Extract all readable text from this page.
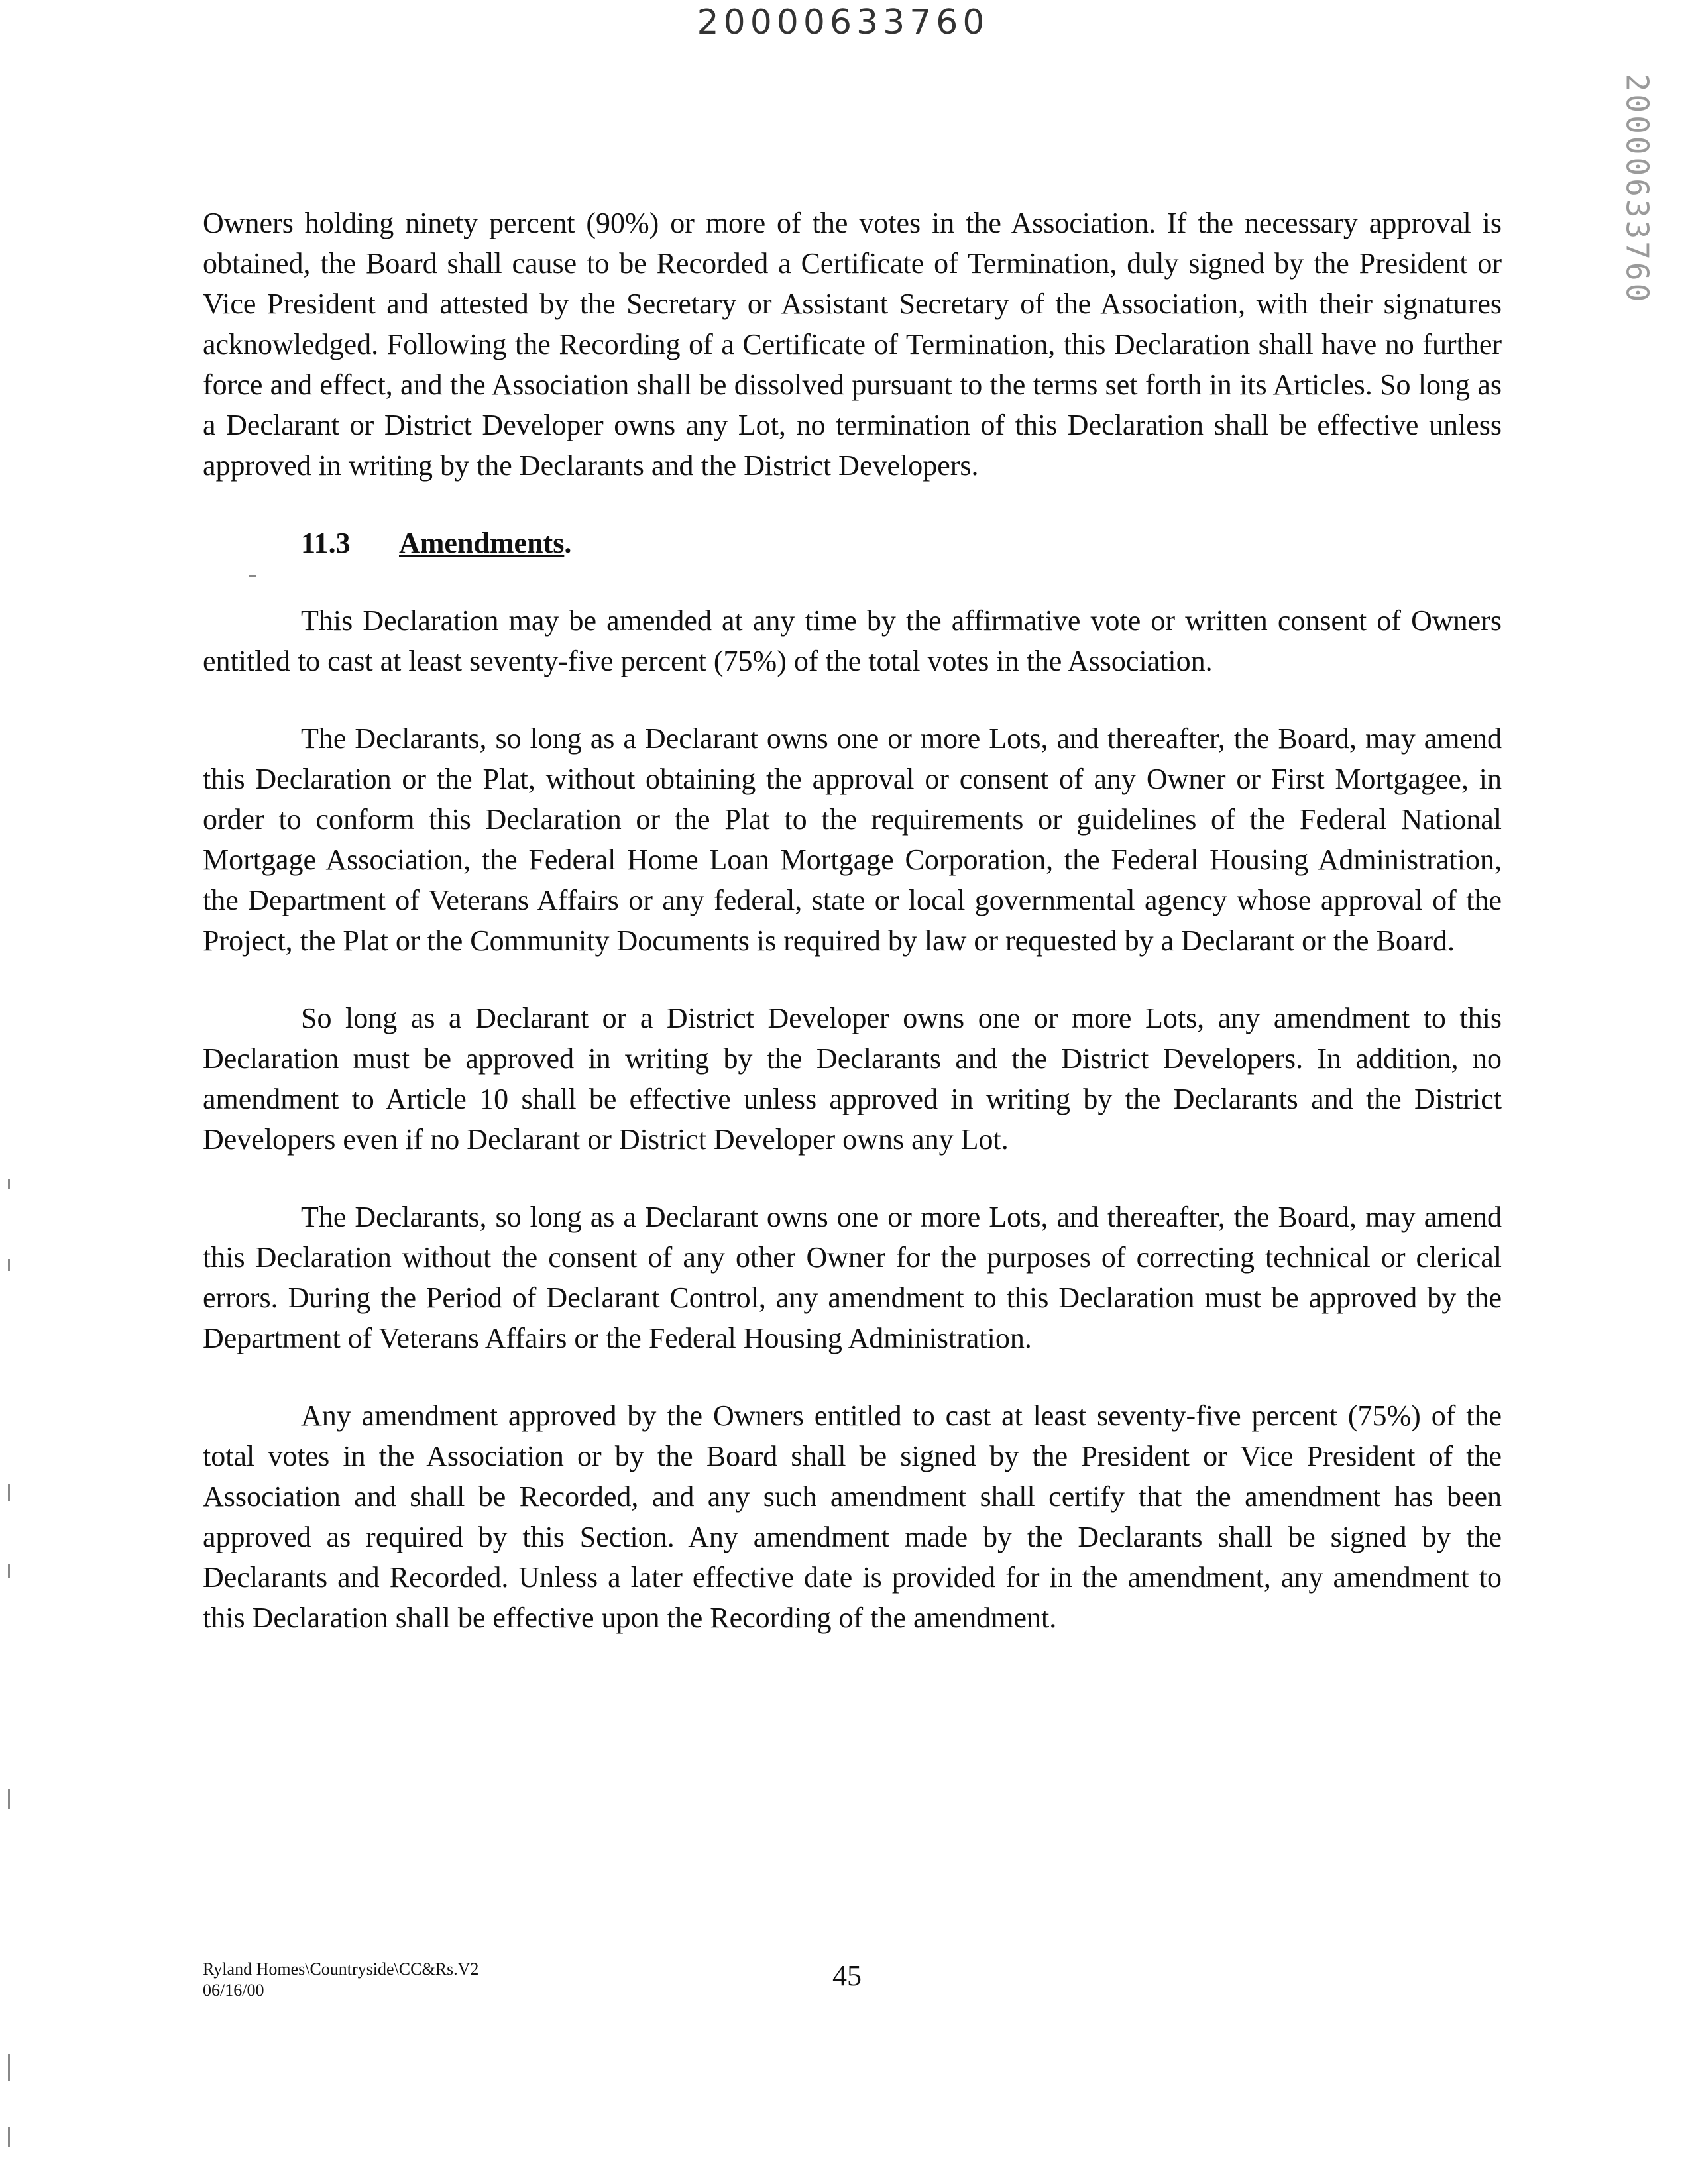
20000633760
20000633760

Owners holding ninety percent (90%) or more of the votes in the Association. If the necessary approval is obtained, the Board shall cause to be Recorded a Certificate of Termination, duly signed by the President or Vice President and attested by the Secretary or Assistant Secretary of the Association, with their signatures acknowledged. Following the Recording of a Certificate of Termination, this Declaration shall have no further force and effect, and the Association shall be dissolved pursuant to the terms set forth in its Articles. So long as a Declarant or District Developer owns any Lot, no termination of this Declaration shall be effective unless approved in writing by the Declarants and the District Developers.

11.3 Amendments.

This Declaration may be amended at any time by the affirmative vote or written consent of Owners entitled to cast at least seventy-five percent (75%) of the total votes in the Association.

The Declarants, so long as a Declarant owns one or more Lots, and thereafter, the Board, may amend this Declaration or the Plat, without obtaining the approval or consent of any Owner or First Mortgagee, in order to conform this Declaration or the Plat to the requirements or guidelines of the Federal National Mortgage Association, the Federal Home Loan Mortgage Corporation, the Federal Housing Administration, the Department of Veterans Affairs or any federal, state or local governmental agency whose approval of the Project, the Plat or the Community Documents is required by law or requested by a Declarant or the Board.

So long as a Declarant or a District Developer owns one or more Lots, any amendment to this Declaration must be approved in writing by the Declarants and the District Developers. In addition, no amendment to Article 10 shall be effective unless approved in writing by the Declarants and the District Developers even if no Declarant or District Developer owns any Lot.

The Declarants, so long as a Declarant owns one or more Lots, and thereafter, the Board, may amend this Declaration without the consent of any other Owner for the purposes of correcting technical or clerical errors. During the Period of Declarant Control, any amendment to this Declaration must be approved by the Department of Veterans Affairs or the Federal Housing Administration.

Any amendment approved by the Owners entitled to cast at least seventy-five percent (75%) of the total votes in the Association or by the Board shall be signed by the President or Vice President of the Association and shall be Recorded, and any such amendment shall certify that the amendment has been approved as required by this Section. Any amendment made by the Declarants shall be signed by the Declarants and Recorded. Unless a later effective date is provided for in the amendment, any amendment to this Declaration shall be effective upon the Recording of the amendment.

Ryland Homes\Countryside\CC&Rs.V2
06/16/00	45
